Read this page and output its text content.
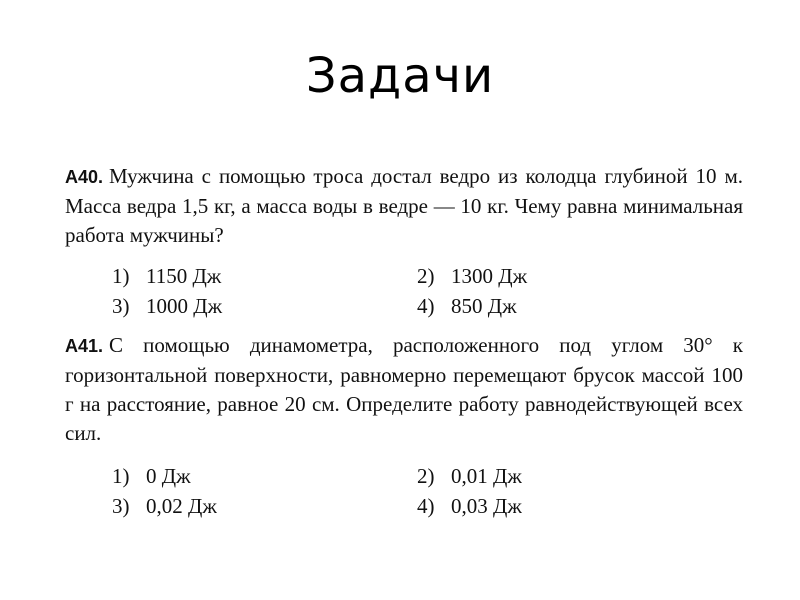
Задачи

А40. Мужчина с помощью троса достал ведро из колодца глубиной 10 м. Масса ведра 1,5 кг, а масса воды в ведре — 10 кг. Чему равна минимальная работа мужчины?

1) 1150 Дж	2) 1300 Дж
3) 1000 Дж	4) 850 Дж

А41. С помощью динамометра, расположенного под углом 30° к горизонтальной поверхности, равномерно перемещают брусок массой 100 г на расстояние, равное 20 см. Определите работу равнодействующей всех сил.

1) 0 Дж	2) 0,01 Дж
3) 0,02 Дж	4) 0,03 Дж
